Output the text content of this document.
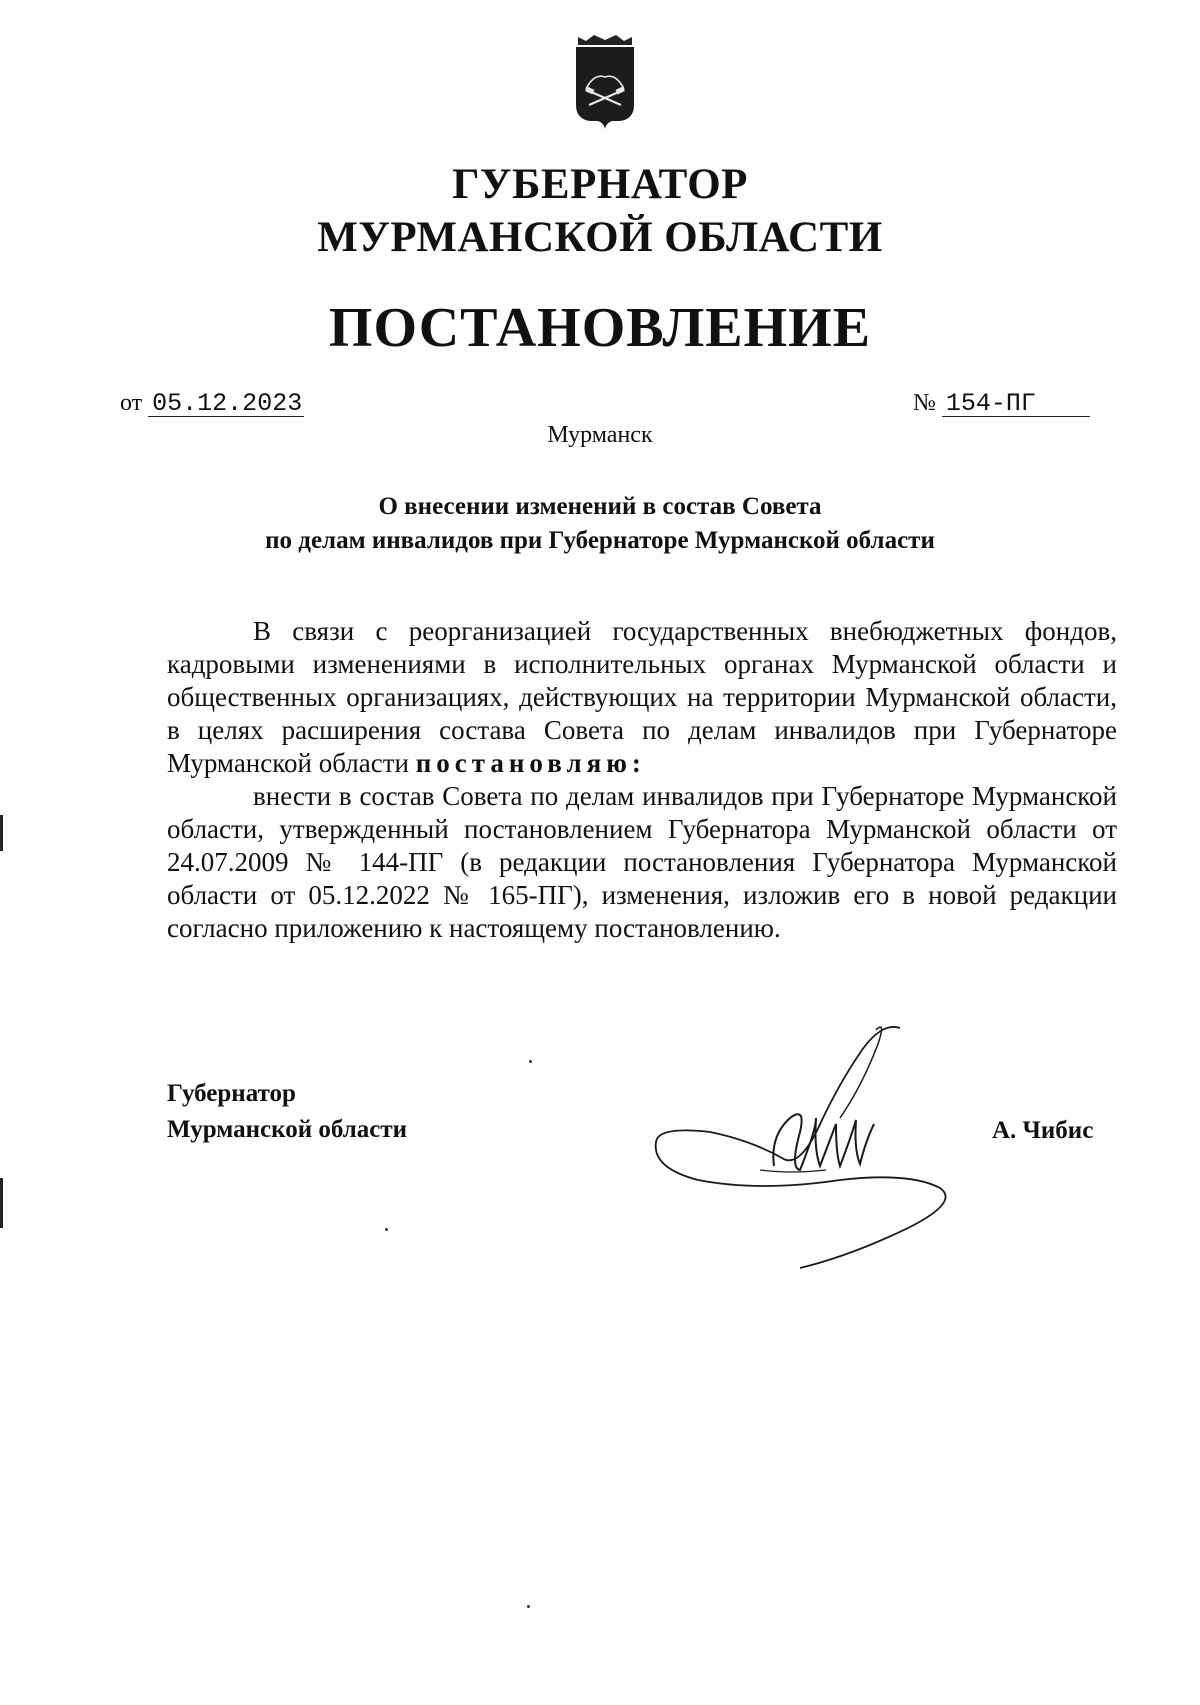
ГУБЕРНАТОР
МУРМАНСКОЙ ОБЛАСТИ
ПОСТАНОВЛЕНИЕ
от 05.12.2023	№ 154-ПГ
Мурманск
О внесении изменений в состав Совета
по делам инвалидов при Губернаторе Мурманской области

В связи с реорганизацией государственных внебюджетных фондов, кадровыми изменениями в исполнительных органах Мурманской области и общественных организациях, действующих на территории Мурманской области, в целях расширения состава Совета по делам инвалидов при Губернаторе Мурманской области постановляю:

внести в состав Совета по делам инвалидов при Губернаторе Мурманской области, утвержденный постановлением Губернатора Мурманской области от 24.07.2009 № 144-ПГ (в редакции постановления Губернатора Мурманской области от 05.12.2022 № 165-ПГ), изменения, изложив его в новой редакции согласно приложению к настоящему постановлению.

Губернатор
Мурманской области	А. Чибис
